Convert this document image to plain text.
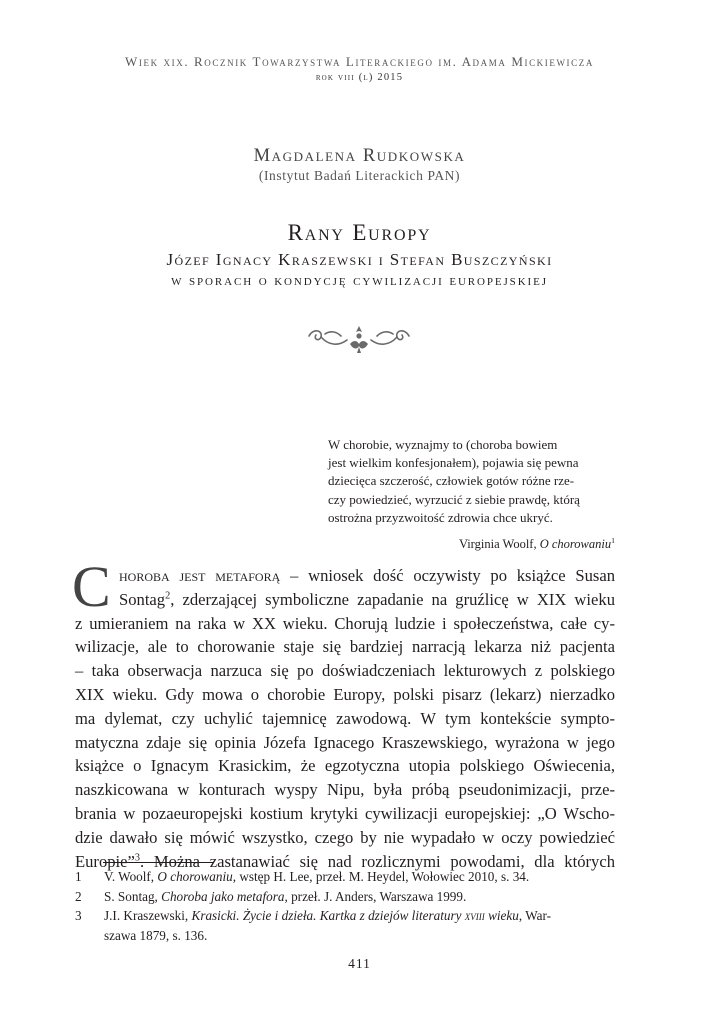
Wiek xix. Rocznik Towarzystwa Literackiego im. Adama Mickiewicza
rok viii (l) 2015
Magdalena Rudkowska
(Instytut Badań Literackich PAN)
Rany Europy
Józef Ignacy Kraszewski i Stefan Buszczyński
w sporach o kondycję cywilizacji europejskiej
W chorobie, wyznajmy to (choroba bowiem
jest wielkim konfesjonałem), pojawia się pewna
dziecięca szczerość, człowiek gotów różne rze-
czy powiedzieć, wyrzucić z siebie prawdę, którą
ostrożna przyzwoitość zdrowia chce ukryć.
Virginia Woolf, O chorowaniu$^1$
C horoba jest metaforą – wniosek dość oczywisty po książce Susan
Sontag$^2$, zderzającej symboliczne zapadanie na gruźlicę w XIX wieku
z umieraniem na raka w XX wieku. Chorują ludzie i społeczeństwa, całe cy-
wilizacje, ale to chorowanie staje się bardziej narracją lekarza niż pacjenta
– taka obserwacja narzuca się po doświadczeniach lekturowych z polskiego
XIX wieku. Gdy mowa o chorobie Europy, polski pisarz (lekarz) nierzadko
ma dylemat, czy uchylić tajemnicę zawodową. W tym kontekście sympto-
matyczna zdaje się opinia Józefa Ignacego Kraszewskiego, wyrażona w jego
książce o Ignacym Krasickim, że egzotyczna utopia polskiego Oświecenia,
naszkicowana w konturach wyspy Nipu, była próbą pseudonimizacji, prze-
brania w pozaeuropejski kostium krytyki cywilizacji europejskiej: „O Wscho-
dzie dawało się mówić wszystko, czego by nie wypadało w oczy powiedzieć
Europie”$^3$. Można zastanawiać się nad rozlicznymi powodami, dla których
1 V. Woolf, O chorowaniu, wstęp H. Lee, przeł. M. Heydel, Wołowiec 2010, s. 34.
2 S. Sontag, Choroba jako metafora, przeł. J. Anders, Warszawa 1999.
3 J.I. Kraszewski, Krasicki. Życie i dzieła. Kartka z dziejów literatury xviii wieku, War-
szawa 1879, s. 136.
411
